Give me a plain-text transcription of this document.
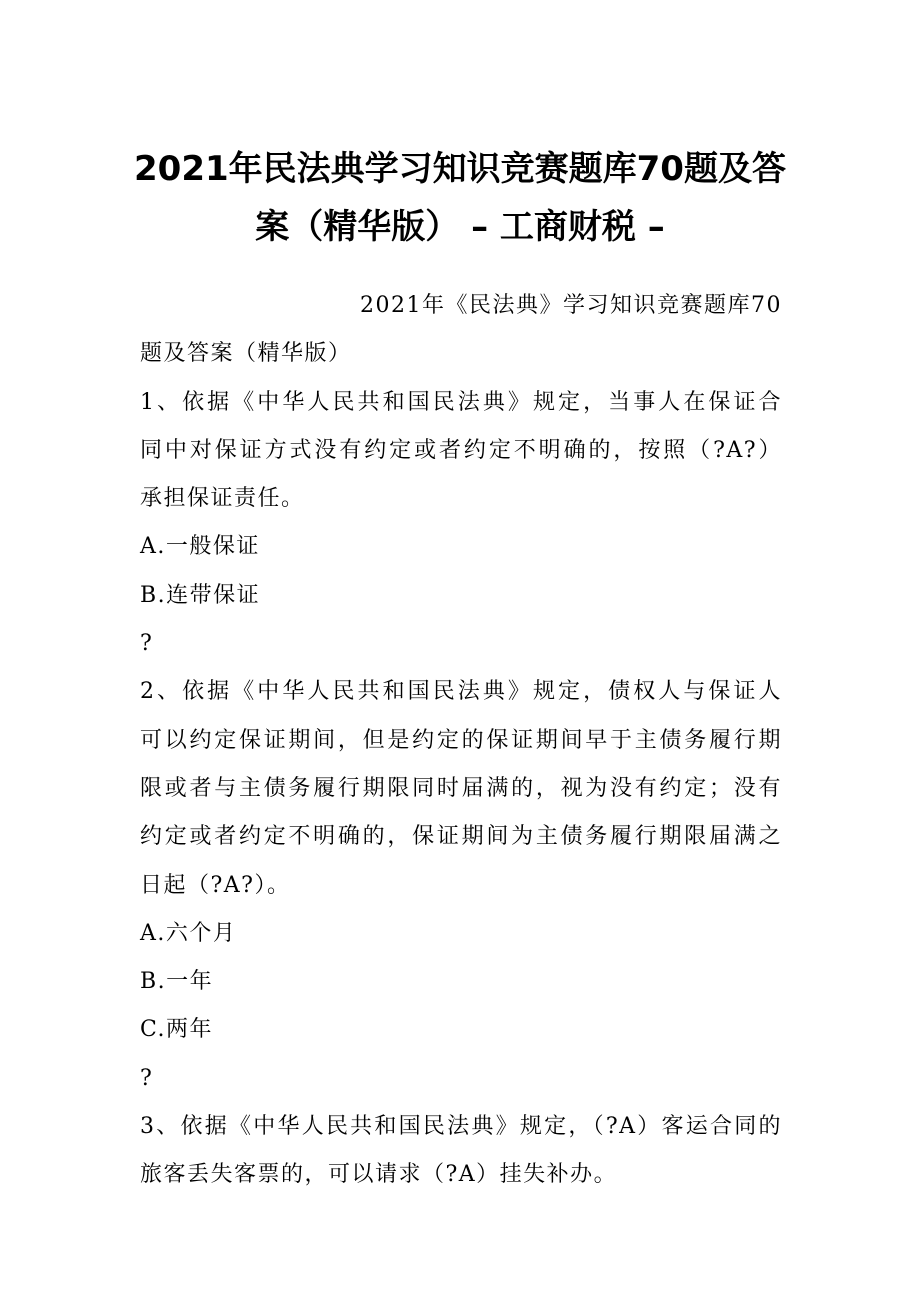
2021年民法典学习知识竞赛题库70题及答
案（精华版） – 工商财税 –
2021年《民法典》学习知识竞赛题库70
题及答案（精华版）
1、依据《中华人民共和国民法典》规定，当事人在保证合
同中对保证方式没有约定或者约定不明确的，按照（?A?）
承担保证责任。
A.一般保证
B.连带保证
?
2、依据《中华人民共和国民法典》规定，债权人与保证人
可以约定保证期间，但是约定的保证期间早于主债务履行期
限或者与主债务履行期限同时届满的，视为没有约定；没有
约定或者约定不明确的，保证期间为主债务履行期限届满之
日起（?A?）。
A.六个月
B.一年
C.两年
?
3、依据《中华人民共和国民法典》规定，（?A）客运合同的
旅客丢失客票的，可以请求（?A）挂失补办。
